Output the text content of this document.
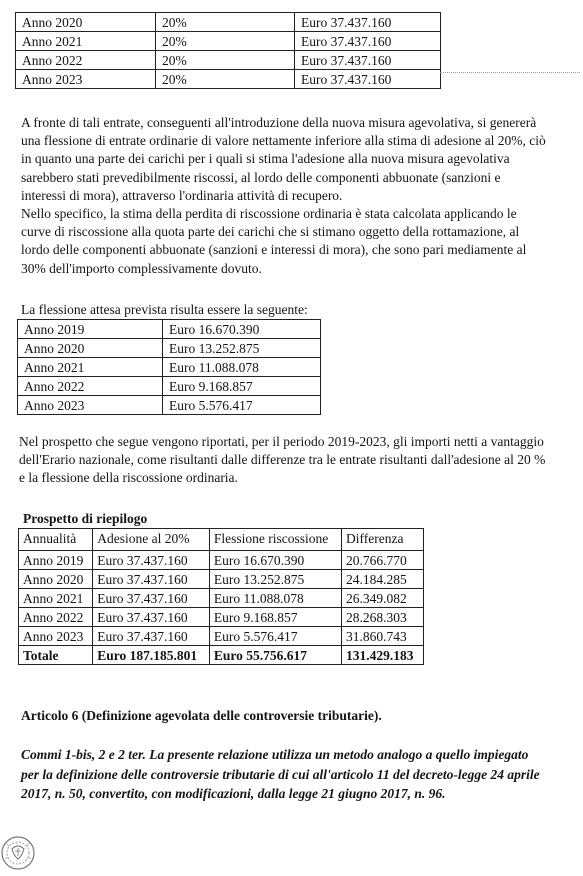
Anno 2020	20%	Euro 37.437.160
Anno 2021	20%	Euro 37.437.160
Anno 2022	20%	Euro 37.437.160
Anno 2023	20%	Euro 37.437.160
A fronte di tali entrate, conseguenti all'introduzione della nuova misura agevolativa, si genererà
una flessione di entrate ordinarie di valore nettamente inferiore alla stima di adesione al 20%, ciò
in quanto una parte dei carichi per i quali si stima l'adesione alla nuova misura agevolativa
sarebbero stati prevedibilmente riscossi, al lordo delle componenti abbuonate (sanzioni e
interessi di mora), attraverso l'ordinaria attività di recupero.
Nello specifico, la stima della perdita di riscossione ordinaria è stata calcolata applicando le
curve di riscossione alla quota parte dei carichi che si stimano oggetto della rottamazione, al
lordo delle componenti abbuonate (sanzioni e interessi di mora), che sono pari mediamente al
30% dell'importo complessivamente dovuto.
La flessione attesa prevista risulta essere la seguente:
Anno 2019	Euro 16.670.390
Anno 2020	Euro 13.252.875
Anno 2021	Euro 11.088.078
Anno 2022	Euro 9.168.857
Anno 2023	Euro 5.576.417
Nel prospetto che segue vengono riportati, per il periodo 2019-2023, gli importi netti a vantaggio
dell'Erario nazionale, come risultanti dalle differenze tra le entrate risultanti dall'adesione al 20 %
e la flessione della riscossione ordinaria.
Prospetto di riepilogo
Annualità	Adesione al 20%	Flessione riscossione	Differenza
Anno 2019	Euro 37.437.160	Euro 16.670.390	20.766.770
Anno 2020	Euro 37.437.160	Euro 13.252.875	24.184.285
Anno 2021	Euro 37.437.160	Euro 11.088.078	26.349.082
Anno 2022	Euro 37.437.160	Euro 9.168.857	28.268.303
Anno 2023	Euro 37.437.160	Euro 5.576.417	31.860.743
Totale	Euro 187.185.801	Euro 55.756.617	131.429.183
Articolo 6 (Definizione agevolata delle controversie tributarie).
Commi 1-bis, 2 e 2 ter. La presente relazione utilizza un metodo analogo a quello impiegato
per la definizione delle controversie tributarie di cui all'articolo 11 del decreto-legge 24 aprile
2017, n. 50, convertito, con modificazioni, dalla legge 21 giugno 2017, n. 96.
